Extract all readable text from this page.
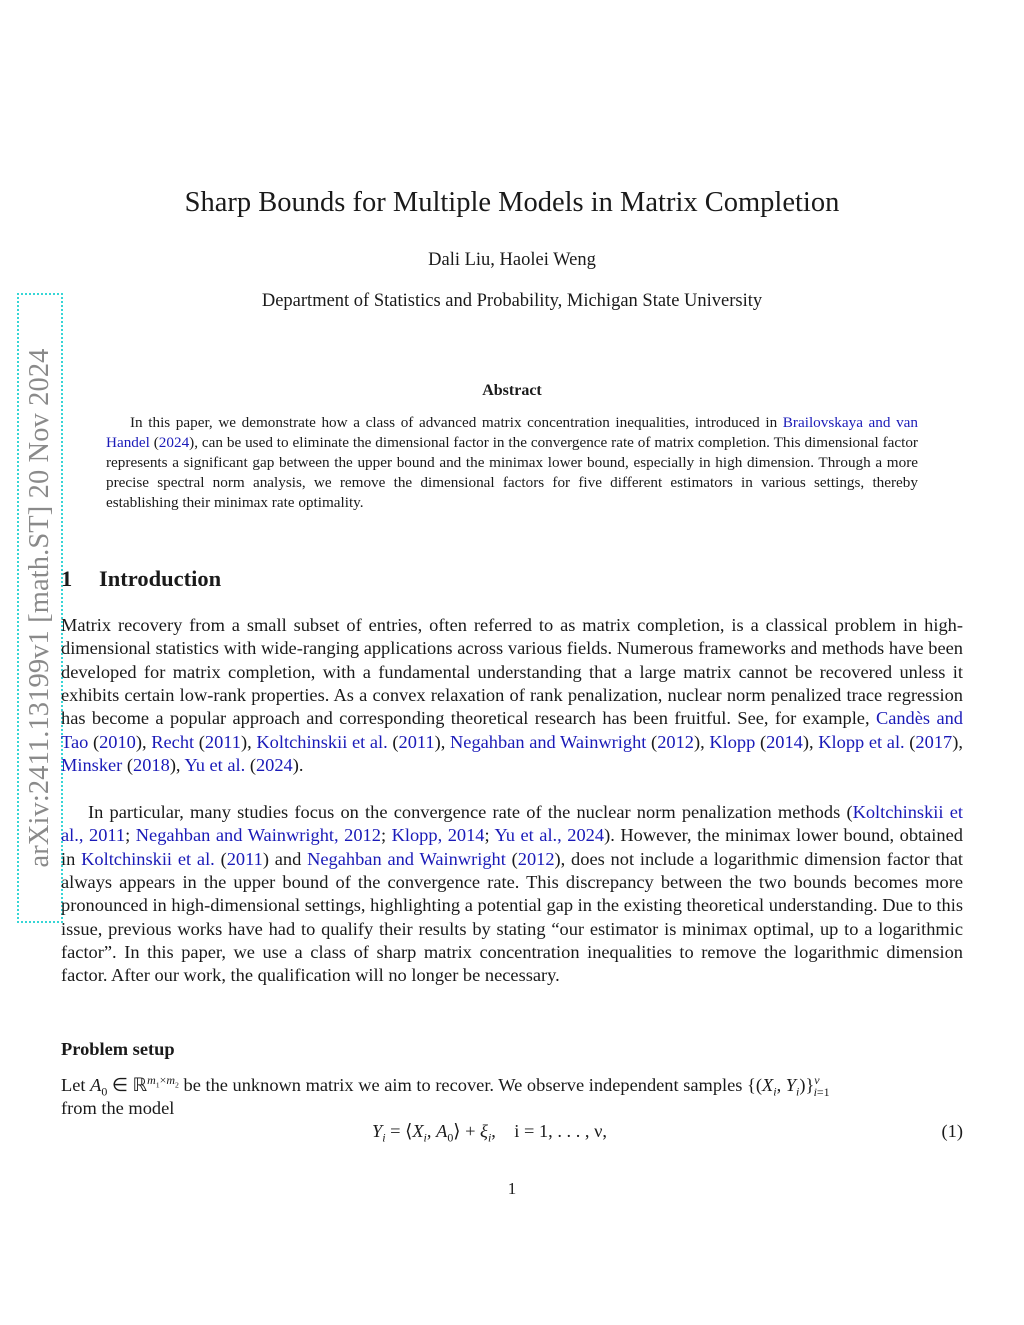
arXiv:2411.13199v1 [math.ST] 20 Nov 2024
Sharp Bounds for Multiple Models in Matrix Completion
Dali Liu, Haolei Weng
Department of Statistics and Probability, Michigan State University
Abstract

In this paper, we demonstrate how a class of advanced matrix concentration inequalities, introduced in Brailovskaya and van Handel (2024), can be used to eliminate the dimensional factor in the convergence rate of matrix completion. This dimensional factor represents a significant gap between the upper bound and the minimax lower bound, especially in high dimension. Through a more precise spectral norm analysis, we remove the dimensional factors for five different estimators in various settings, thereby establishing their minimax rate optimality.

1 Introduction

Matrix recovery from a small subset of entries, often referred to as matrix completion, is a classical problem in high-dimensional statistics with wide-ranging applications across various fields. Numerous frameworks and methods have been developed for matrix completion, with a fundamental understanding that a large matrix cannot be recovered unless it exhibits certain low-rank properties. As a convex relaxation of rank penalization, nuclear norm penalized trace regression has become a popular approach and corresponding theoretical research has been fruitful. See, for example, Candès and Tao (2010), Recht (2011), Koltchinskii et al. (2011), Negahban and Wainwright (2012), Klopp (2014), Klopp et al. (2017), Minsker (2018), Yu et al. (2024).

In particular, many studies focus on the convergence rate of the nuclear norm penalization methods (Koltchinskii et al., 2011; Negahban and Wainwright, 2012; Klopp, 2014; Yu et al., 2024). However, the minimax lower bound, obtained in Koltchinskii et al. (2011) and Negahban and Wainwright (2012), does not include a logarithmic dimension factor that always appears in the upper bound of the convergence rate. This discrepancy between the two bounds becomes more pronounced in high-dimensional settings, highlighting a potential gap in the existing theoretical understanding. Due to this issue, previous works have had to qualify their results by stating “our estimator is minimax optimal, up to a logarithmic factor”. In this paper, we use a class of sharp matrix concentration inequalities to remove the logarithmic dimension factor. After our work, the qualification will no longer be necessary.

Problem setup

Let $A_0$ ∈ ℝ$^{m_1\times m_2}$ be the unknown matrix we aim to recover. We observe independent samples {($X_i$, $Y_i)\}^\nu_{i=1}$
from the model

$Y_i$ = $⟨X_i$, $A_0⟩ + \xi_i$,    i = 1, . . . , ν,	(1)
1
